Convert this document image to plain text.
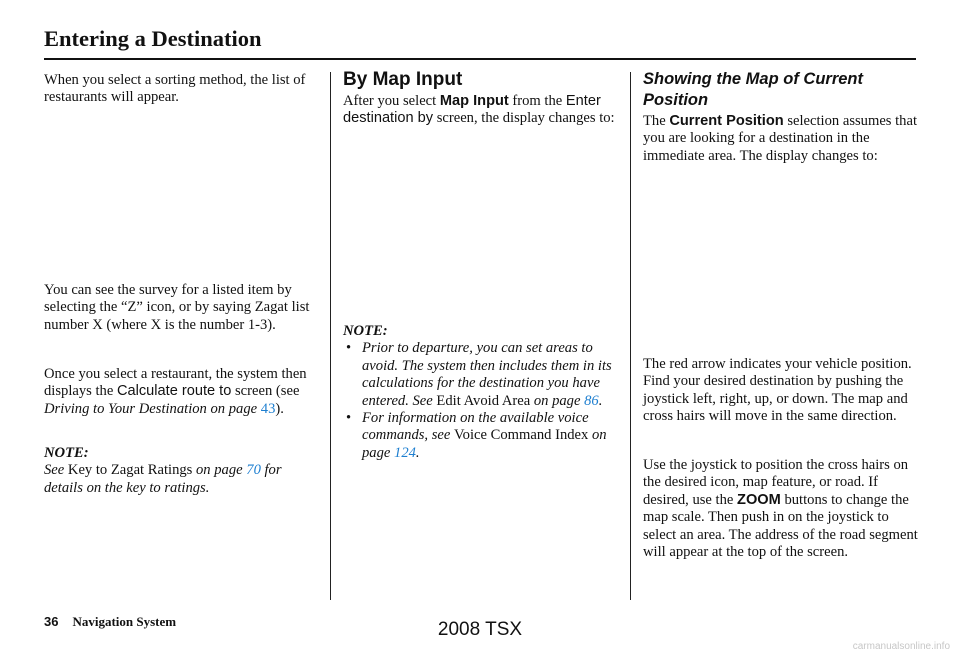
Entering a Destination

When you select a sorting method, the list of restaurants will appear.

You can see the survey for a listed item by selecting the “Z” icon, or by saying Zagat list number X (where X is the number 1-3).

Once you select a restaurant, the system then displays the Calculate route to screen (see Driving to Your Destination on page 43).

NOTE:

See Key to Zagat Ratings on page 70 for details on the key to ratings.

By Map Input

After you select Map Input from the Enter destination by screen, the display changes to:

NOTE:

• Prior to departure, you can set areas to avoid. The system then includes them in its calculations for the destination you have entered. See Edit Avoid Area on page 86.
• For information on the available voice commands, see Voice Command Index on page 124.
Showing the Map of Current Position

The Current Position selection assumes that you are looking for a destination in the immediate area. The display changes to:

The red arrow indicates your vehicle position. Find your desired destination by pushing the joystick left, right, up, or down. The map and cross hairs will move in the same direction.

Use the joystick to position the cross hairs on the desired icon, map feature, or road. If desired, use the ZOOM buttons to change the map scale. Then push in on the joystick to select an area. The address of the road segment will appear at the top of the screen.

36 Navigation System	2008 TSX
carmanualsonline.info
